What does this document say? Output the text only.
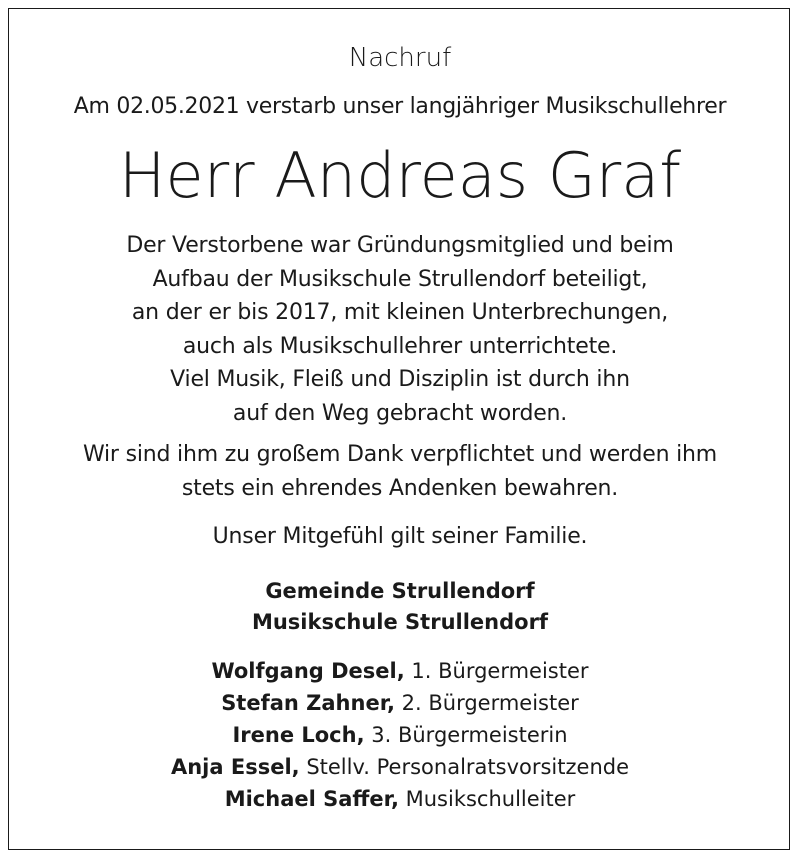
Nachruf
Am 02.05.2021 verstarb unser langjähriger Musikschullehrer
Herr Andreas Graf
Der Verstorbene war Gründungsmitglied und beim
Aufbau der Musikschule Strullendorf beteiligt,
an der er bis 2017, mit kleinen Unterbrechungen,
auch als Musikschullehrer unterrichtete.
Viel Musik, Fleiß und Disziplin ist durch ihn
auf den Weg gebracht worden.
Wir sind ihm zu großem Dank verpflichtet und werden ihm
stets ein ehrendes Andenken bewahren.
Unser Mitgefühl gilt seiner Familie.
Gemeinde Strullendorf
Musikschule Strullendorf
Wolfgang Desel, 1. Bürgermeister
Stefan Zahner, 2. Bürgermeister
Irene Loch, 3. Bürgermeisterin
Anja Essel, Stellv. Personalratsvorsitzende
Michael Saffer, Musikschulleiter
